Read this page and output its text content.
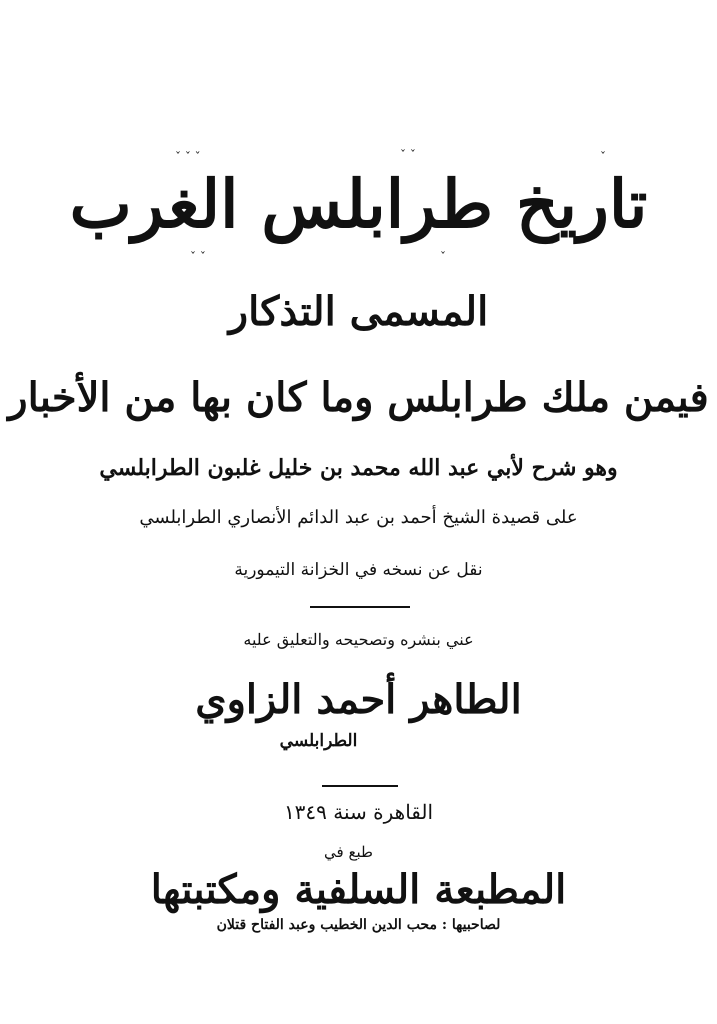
ˇ ˇ ˇ	ˇ ˇ	ˇ
ˇ ˇ	ˇ
تاريخ طرابلس الغرب
المسمى التذكار
فيمن ملك طرابلس وما كان بها من الأخبار
وهو شرح لأبي عبد الله محمد بن خليل غلبون الطرابلسي
على قصيدة الشيخ أحمد بن عبد الدائم الأنصاري الطرابلسي
نقل عن نسخه في الخزانة التيمورية
عني بنشره وتصحيحه والتعليق عليه
الطاهر أحمد الزاوي
الطرابلسي
القاهرة سنة ١٣٤٩
طبع في
المطبعة السلفية ومكتبتها
لصاحبيها : محب الدين الخطيب وعبد الفتاح قتلان
